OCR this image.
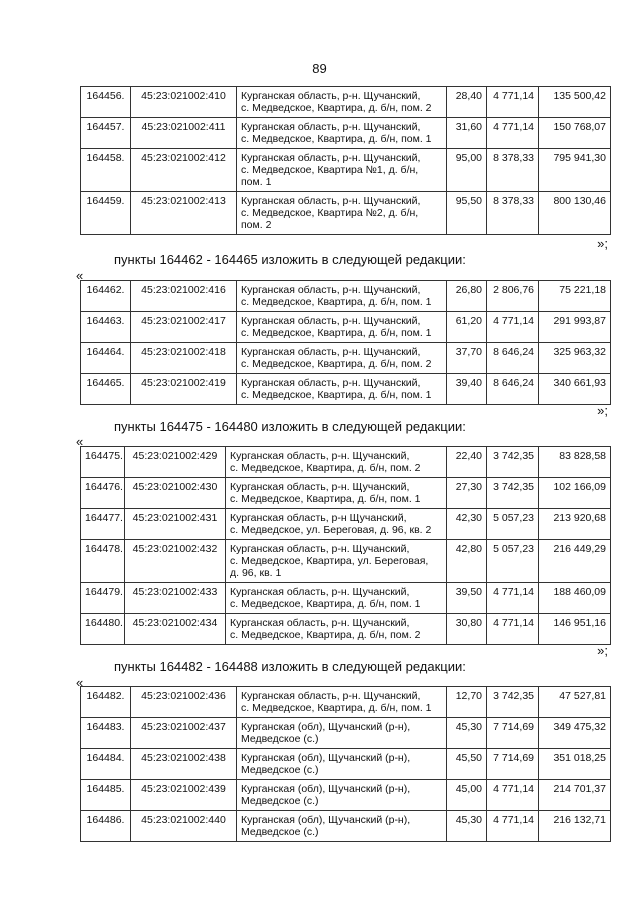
89
164456.	45:23:021002:410	Курганская область, р-н. Щучанский,
с. Медведское, Квартира, д. б/н, пом. 2	28,40	4 771,14	135 500,42
164457.	45:23:021002:411	Курганская область, р-н. Щучанский,
с. Медведское, Квартира, д. б/н, пом. 1	31,60	4 771,14	150 768,07
164458.	45:23:021002:412	Курганская область, р-н. Щучанский,
с. Медведское, Квартира №1, д. б/н,
пом. 1	95,00	8 378,33	795 941,30
164459.	45:23:021002:413	Курганская область, р-н. Щучанский,
с. Медведское, Квартира №2, д. б/н,
пом. 2	95,50	8 378,33	800 130,46
»;
пункты 164462 - 164465 изложить в следующей редакции:
«
164462.	45:23:021002:416	Курганская область, р-н. Щучанский,
с. Медведское, Квартира, д. б/н, пом. 1	26,80	2 806,76	75 221,18
164463.	45:23:021002:417	Курганская область, р-н. Щучанский,
с. Медведское, Квартира, д. б/н, пом. 1	61,20	4 771,14	291 993,87
164464.	45:23:021002:418	Курганская область, р-н. Щучанский,
с. Медведское, Квартира, д. б/н, пом. 2	37,70	8 646,24	325 963,32
164465.	45:23:021002:419	Курганская область, р-н. Щучанский,
с. Медведское, Квартира, д. б/н, пом. 1	39,40	8 646,24	340 661,93
»;
пункты 164475 - 164480 изложить в следующей редакции:
«
164475.	45:23:021002:429	Курганская область, р-н. Щучанский,
с. Медведское, Квартира, д. б/н, пом. 2	22,40	3 742,35	83 828,58
164476.	45:23:021002:430	Курганская область, р-н. Щучанский,
с. Медведское, Квартира, д. б/н, пом. 1	27,30	3 742,35	102 166,09
164477.	45:23:021002:431	Курганская область, р-н Щучанский,
с. Медведское, ул. Береговая, д. 96, кв. 2	42,30	5 057,23	213 920,68
164478.	45:23:021002:432	Курганская область, р-н. Щучанский,
с. Медведское, Квартира, ул. Береговая,
д. 96, кв. 1	42,80	5 057,23	216 449,29
164479.	45:23:021002:433	Курганская область, р-н. Щучанский,
с. Медведское, Квартира, д. б/н, пом. 1	39,50	4 771,14	188 460,09
164480.	45:23:021002:434	Курганская область, р-н. Щучанский,
с. Медведское, Квартира, д. б/н, пом. 2	30,80	4 771,14	146 951,16
»;
пункты 164482 - 164488 изложить в следующей редакции:
«
164482.	45:23:021002:436	Курганская область, р-н. Щучанский,
с. Медведское, Квартира, д. б/н, пом. 1	12,70	3 742,35	47 527,81
164483.	45:23:021002:437	Курганская (обл), Щучанский (р-н),
Медведское (с.)	45,30	7 714,69	349 475,32
164484.	45:23:021002:438	Курганская (обл), Щучанский (р-н),
Медведское (с.)	45,50	7 714,69	351 018,25
164485.	45:23:021002:439	Курганская (обл), Щучанский (р-н),
Медведское (с.)	45,00	4 771,14	214 701,37
164486.	45:23:021002:440	Курганская (обл), Щучанский (р-н),
Медведское (с.)	45,30	4 771,14	216 132,71
